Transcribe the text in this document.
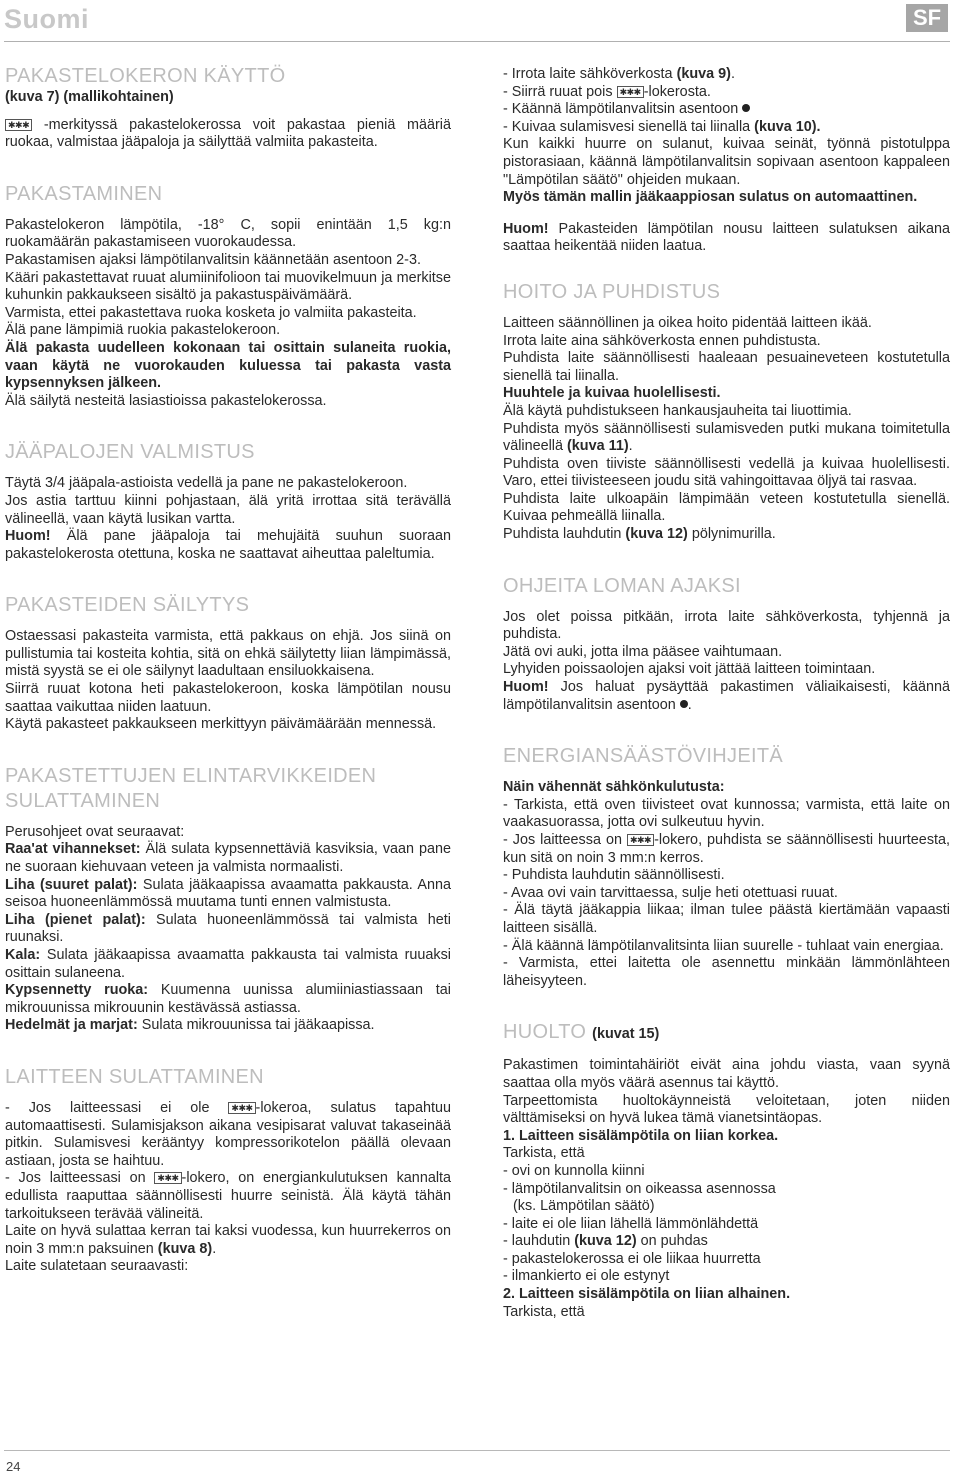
Suomi	SF
PAKASTELOKERON KÄYTTÖ

(kuva 7) (mallikohtainen)

✱✱✱ -merkityssä pakastelokerossa voit pakastaa pieniä määriä ruokaa, valmistaa jääpaloja ja säilyttää valmiita pakasteita.

PAKASTAMINEN

Pakastelokeron lämpötila, -18° C, sopii enintään 1,5 kg:n ruokamäärän pakastamiseen vuorokaudessa.

Pakastamisen ajaksi lämpötilanvalitsin käännetään asentoon 2-3.

Kääri pakastettavat ruuat alumiinifolioon tai muovikelmuun ja merkitse kuhunkin pakkaukseen sisältö ja pakastuspäivämäärä.

Varmista, ettei pakastettava ruoka kosketa jo valmiita pakasteita.

Älä pane lämpimiä ruokia pakastelokeroon.

Älä pakasta uudelleen kokonaan tai osittain sulaneita ruokia, vaan käytä ne vuorokauden kuluessa tai pakasta vasta kypsennyksen jälkeen.

Älä säilytä nesteitä lasiastioissa pakastelokerossa.

JÄÄPALOJEN VALMISTUS

Täytä 3/4 jääpala-astioista vedellä ja pane ne pakastelokeroon.

Jos astia tarttuu kiinni pohjastaan, älä yritä irrottaa sitä terävällä välineellä, vaan käytä lusikan vartta.

Huom! Älä pane jääpaloja tai mehujäitä suuhun suoraan pakastelokerosta otettuna, koska ne saattavat aiheuttaa paleltumia.

PAKASTEIDEN SÄILYTYS

Ostaessasi pakasteita varmista, että pakkaus on ehjä. Jos siinä on pullistumia tai kosteita kohtia, sitä on ehkä säilytetty liian lämpimässä, mistä syystä se ei ole säilynyt laadultaan ensiluokkaisena.

Siirrä ruuat kotona heti pakastelokeroon, koska lämpötilan nousu saattaa vaikuttaa niiden laatuun.

Käytä pakasteet pakkaukseen merkittyyn päivämäärään mennessä.

PAKASTETTUJEN ELINTARVIKKEIDEN
SULATTAMINEN

Perusohjeet ovat seuraavat:

Raa'at vihannekset: Älä sulata kypsennettäviä kasviksia, vaan pane ne suoraan kiehuvaan veteen ja valmista normaalisti.

Liha (suuret palat): Sulata jääkaapissa avaamatta pakkausta. Anna seisoa huoneenlämmössä muutama tunti ennen valmistusta.

Liha (pienet palat): Sulata huoneenlämmössä tai valmista heti ruunaksi.

Kala: Sulata jääkaapissa avaamatta pakkausta tai valmista ruuaksi osittain sulaneena.

Kypsennetty ruoka: Kuumenna uunissa alumiiniastiassaan tai mikrouunissa mikrouunin kestävässä astiassa.

Hedelmät ja marjat: Sulata mikrouunissa tai jääkaapissa.

LAITTEEN SULATTAMINEN

- Jos laitteessasi ei ole ✱✱✱ -lokeroa, sulatus tapahtuu automaattisesti. Sulamisjakson aikana vesipisarat valuvat takaseinää pitkin. Sulamisvesi kerääntyy kompressorikotelon päällä olevaan astiaan, josta se haihtuu.

- Jos laitteessasi on ✱✱✱ -lokero, on energiankulutuksen kannalta edullista raaputtaa säännöllisesti huurre seinistä. Älä käytä tähän tarkoitukseen terävää välineitä.

Laite on hyvä sulattaa kerran tai kaksi vuodessa, kun huurrekerros on noin 3 mm:n paksuinen (kuva 8).

Laite sulatetaan seuraavasti:

- Irrota laite sähköverkosta (kuva 9).

- Siirrä ruuat pois ✱✱✱ -lokerosta.

- Käännä lämpötilanvalitsin asentoon

- Kuivaa sulamisvesi sienellä tai liinalla (kuva 10).

Kun kaikki huurre on sulanut, kuivaa seinät, työnnä pistotulppa pistorasiaan, käännä lämpötilanvalitsin sopivaan asentoon kappaleen "Lämpötilan säätö" ohjeiden mukaan.

Myös tämän mallin jääkaappiosan sulatus on automaattinen.

Huom! Pakasteiden lämpötilan nousu laitteen sulatuksen aikana saattaa heikentää niiden laatua.

HOITO JA PUHDISTUS

Laitteen säännöllinen ja oikea hoito pidentää laitteen ikää.

Irrota laite aina sähköverkosta ennen puhdistusta.

Puhdista laite säännöllisesti haaleaan pesuaineveteen kostutetulla sienellä tai liinalla.

Huuhtele ja kuivaa huolellisesti.

Älä käytä puhdistukseen hankausjauheita tai liuottimia.

Puhdista myös säännöllisesti sulamisveden putki mukana toimitetulla välineellä (kuva 11).

Puhdista oven tiiviste säännöllisesti vedellä ja kuivaa huolellisesti. Varo, ettei tiivisteeseen joudu sitä vahingoittavaa öljyä tai rasvaa.

Puhdista laite ulkoapäin lämpimään veteen kostutetulla sienellä. Kuivaa pehmeällä liinalla.

Puhdista lauhdutin (kuva 12) pölynimurilla.

OHJEITA LOMAN AJAKSI

Jos olet poissa pitkään, irrota laite sähköverkosta, tyhjennä ja puhdista.

Jätä ovi auki, jotta ilma pääsee vaihtumaan.

Lyhyiden poissaolojen ajaksi voit jättää laitteen toimintaan.

Huom! Jos haluat pysäyttää pakastimen väliaikaisesti, käännä lämpötilanvalitsin asentoon .

ENERGIANSÄÄSTÖVIHJEITÄ

Näin vähennät sähkönkulutusta:

- Tarkista, että oven tiivisteet ovat kunnossa; varmista, että laite on vaakasuorassa, jotta ovi sulkeutuu hyvin.

- Jos laitteessa on ✱✱✱ -lokero, puhdista se säännöllisesti huurteesta, kun sitä on noin 3 mm:n kerros.

- Puhdista lauhdutin säännöllisesti.

- Avaa ovi vain tarvittaessa, sulje heti otettuasi ruuat.

- Älä täytä jääkappia liikaa; ilman tulee päästä kiertämään vapaasti laitteen sisällä.

- Älä käännä lämpötilanvalitsinta liian suurelle - tuhlaat vain energiaa.

- Varmista, ettei laitetta ole asennettu minkään lämmönlähteen läheisyyteen.

HUOLTO (kuvat 15)

Pakastimen toimintahäiriöt eivät aina johdu viasta, vaan syynä saattaa olla myös väärä asennus tai käyttö.

Tarpeettomista huoltokäynneistä veloitetaan, joten niiden välttämiseksi on hyvä lukea tämä vianetsintäopas.

1. Laitteen sisälämpötila on liian korkea.

Tarkista, että

- ovi on kunnolla kiinni

- lämpötilanvalitsin on oikeassa asennossa

(ks. Lämpötilan säätö)

- laite ei ole liian lähellä lämmönlähdettä

- lauhdutin (kuva 12) on puhdas

- pakastelokerossa ei ole liikaa huurretta

- ilmankierto ei ole estynyt

2. Laitteen sisälämpötila on liian alhainen.

Tarkista, että

24
